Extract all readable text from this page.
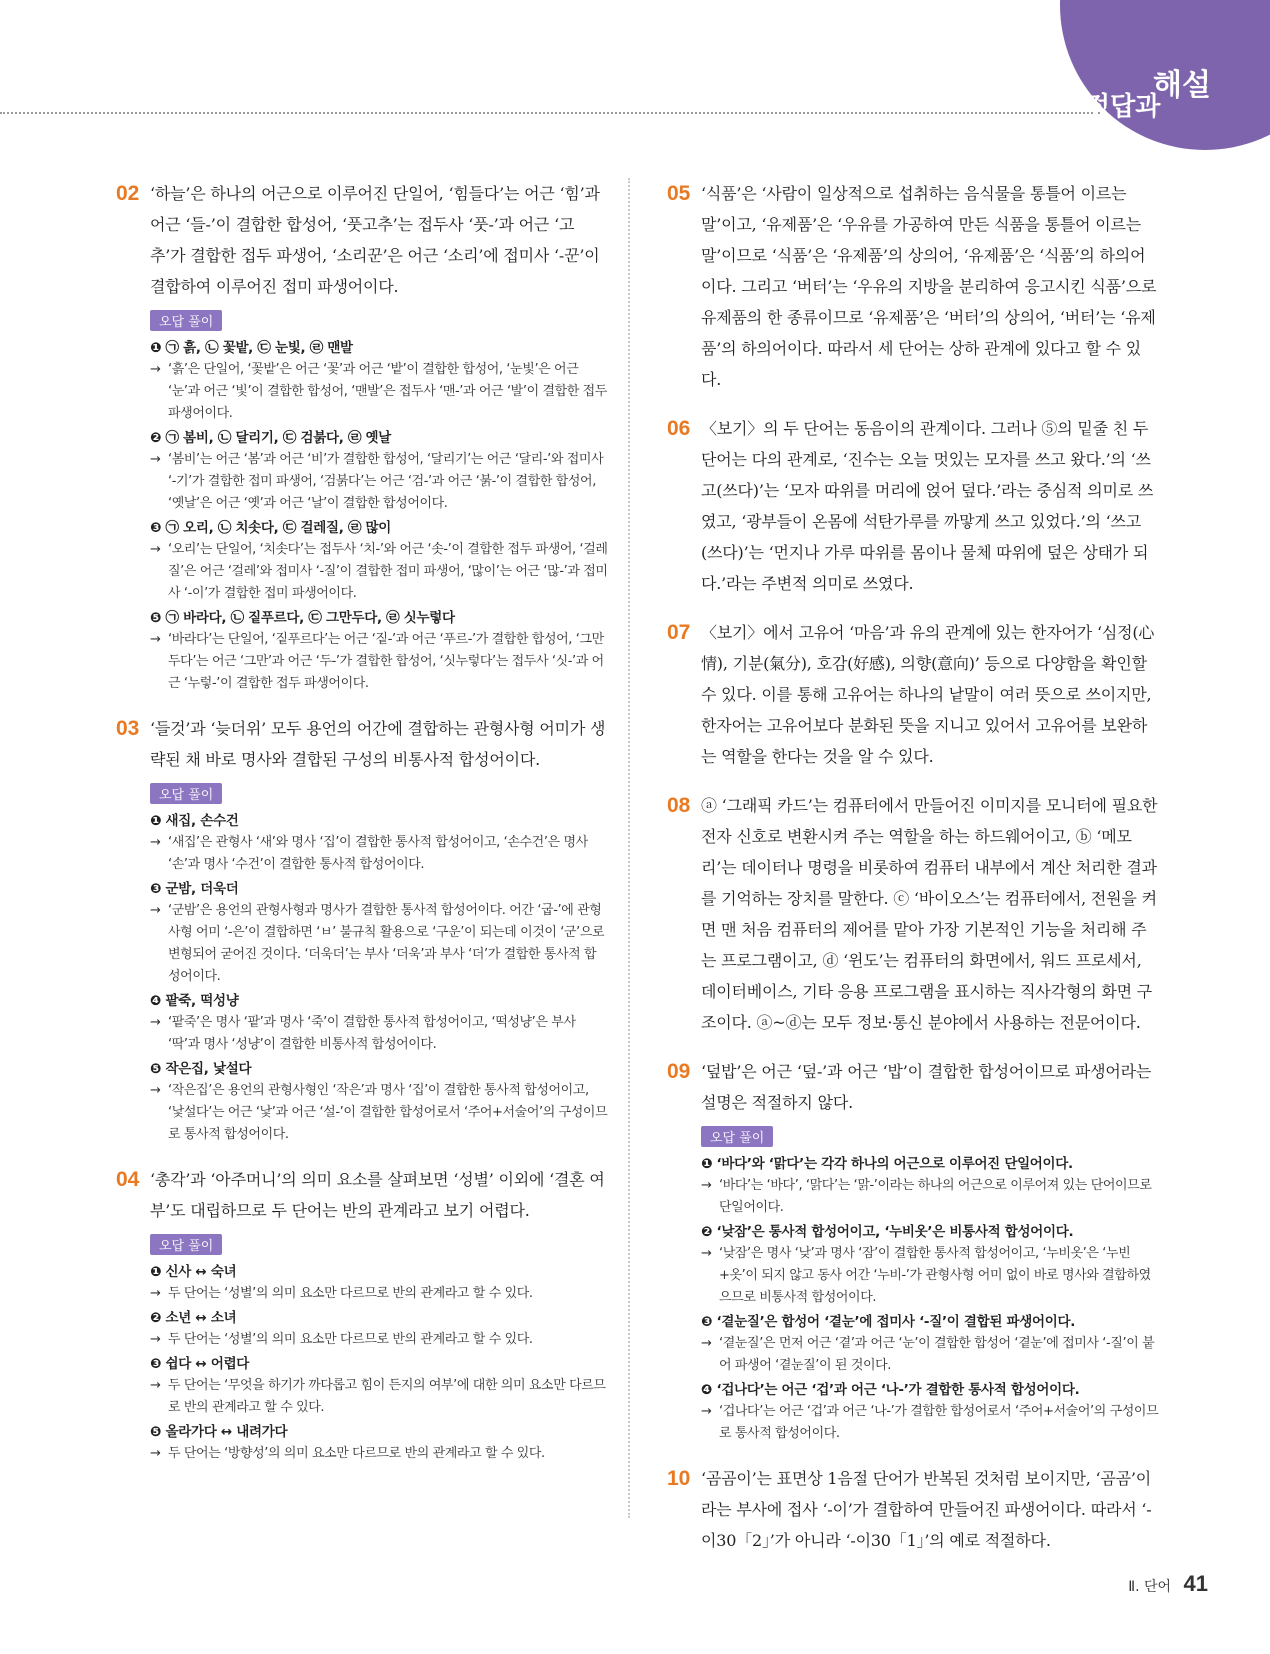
정답과
해설
02 ‘하늘’은 하나의 어근으로 이루어진 단일어, ‘힘들다’는 어근 ‘힘’과 어근 ‘들-’이 결합한 합성어, ‘풋고추’는 접두사 ‘풋-’과 어근 ‘고추’가 결합한 접두 파생어, ‘소리꾼’은 어근 ‘소리’에 접미사 ‘-꾼’이 결합하여 이루어진 접미 파생어이다.
오답 풀이
❶ ㉠ 흙, ㉡ 꽃밭, ㉢ 눈빛, ㉣ 맨발
→ ‘흙’은 단일어, ‘꽃밭’은 어근 ‘꽃’과 어근 ‘밭’이 결합한 합성어, ‘눈빛’은 어근 ‘눈’과 어근 ‘빛’이 결합한 합성어, ‘맨발’은 접두사 ‘맨-’과 어근 ‘발’이 결합한 접두 파생어이다.
❷ ㉠ 봄비, ㉡ 달리기, ㉢ 검붉다, ㉣ 옛날
→ ‘봄비’는 어근 ‘봄’과 어근 ‘비’가 결합한 합성어, ‘달리기’는 어근 ‘달리-’와 접미사 ‘-기’가 결합한 접미 파생어, ‘검붉다’는 어근 ‘검-’과 어근 ‘붉-’이 결합한 합성어, ‘옛날’은 어근 ‘옛’과 어근 ‘날’이 결합한 합성어이다.
❸ ㉠ 오리, ㉡ 치솟다, ㉢ 걸레질, ㉣ 많이
→ ‘오리’는 단일어, ‘치솟다’는 접두사 ‘치-’와 어근 ‘솟-’이 결합한 접두 파생어, ‘걸레질’은 어근 ‘걸레’와 접미사 ‘-질’이 결합한 접미 파생어, ‘많이’는 어근 ‘많-’과 접미사 ‘-이’가 결합한 접미 파생어이다.
❺ ㉠ 바라다, ㉡ 짙푸르다, ㉢ 그만두다, ㉣ 싯누렇다
→ ‘바라다’는 단일어, ‘짙푸르다’는 어근 ‘짙-’과 어근 ‘푸르-’가 결합한 합성어, ‘그만두다’는 어근 ‘그만’과 어근 ‘두-’가 결합한 합성어, ‘싯누렇다’는 접두사 ‘싯-’과 어근 ‘누렇-’이 결합한 접두 파생어이다.
03 ‘들것’과 ‘늦더위’ 모두 용언의 어간에 결합하는 관형사형 어미가 생략된 채 바로 명사와 결합된 구성의 비통사적 합성어이다.
오답 풀이
❶ 새집, 손수건
→ ‘새집’은 관형사 ‘새’와 명사 ‘집’이 결합한 통사적 합성어이고, ‘손수건’은 명사 ‘손’과 명사 ‘수건’이 결합한 통사적 합성어이다.
❸ 군밤, 더욱더
→ ‘군밤’은 용언의 관형사형과 명사가 결합한 통사적 합성어이다. 어간 ‘굽-’에 관형사형 어미 ‘-은’이 결합하면 ‘ㅂ’ 불규칙 활용으로 ‘구운’이 되는데 이것이 ‘군’으로 변형되어 굳어진 것이다. ‘더욱더’는 부사 ‘더욱’과 부사 ‘더’가 결합한 통사적 합성어이다.
❹ 팥죽, 떡성냥
→ ‘팥죽’은 명사 ‘팥’과 명사 ‘죽’이 결합한 통사적 합성어이고, ‘떡성냥’은 부사 ‘딱’과 명사 ‘성냥’이 결합한 비통사적 합성어이다.
❺ 작은집, 낯설다
→ ‘작은집’은 용언의 관형사형인 ‘작은’과 명사 ‘집’이 결합한 통사적 합성어이고, ‘낯설다’는 어근 ‘낯’과 어근 ‘설-’이 결합한 합성어로서 ‘주어+서술어’의 구성이므로 통사적 합성어이다.
04 ‘총각’과 ‘아주머니’의 의미 요소를 살펴보면 ‘성별’ 이외에 ‘결혼 여부’도 대립하므로 두 단어는 반의 관계라고 보기 어렵다.
오답 풀이
❶ 신사 ↔ 숙녀
→ 두 단어는 ‘성별’의 의미 요소만 다르므로 반의 관계라고 할 수 있다.
❷ 소년 ↔ 소녀
→ 두 단어는 ‘성별’의 의미 요소만 다르므로 반의 관계라고 할 수 있다.
❸ 쉽다 ↔ 어렵다
→ 두 단어는 ‘무엇을 하기가 까다롭고 힘이 든지의 여부’에 대한 의미 요소만 다르므로 반의 관계라고 할 수 있다.
❺ 올라가다 ↔ 내려가다
→ 두 단어는 ‘방향성’의 의미 요소만 다르므로 반의 관계라고 할 수 있다.
05 ‘식품’은 ‘사람이 일상적으로 섭취하는 음식물을 통틀어 이르는 말’이고, ‘유제품’은 ‘우유를 가공하여 만든 식품을 통틀어 이르는 말’이므로 ‘식품’은 ‘유제품’의 상의어, ‘유제품’은 ‘식품’의 하의어이다. 그리고 ‘버터’는 ‘우유의 지방을 분리하여 응고시킨 식품’으로 유제품의 한 종류이므로 ‘유제품’은 ‘버터’의 상의어, ‘버터’는 ‘유제품’의 하의어이다. 따라서 세 단어는 상하 관계에 있다고 할 수 있다.
06 〈보기〉의 두 단어는 동음이의 관계이다. 그러나 ⑤의 밑줄 친 두 단어는 다의 관계로, ‘진수는 오늘 멋있는 모자를 쓰고 왔다.’의 ‘쓰고(쓰다)’는 ‘모자 따위를 머리에 얹어 덮다.’라는 중심적 의미로 쓰였고, ‘광부들이 온몸에 석탄가루를 까맣게 쓰고 있었다.’의 ‘쓰고(쓰다)’는 ‘먼지나 가루 따위를 몸이나 물체 따위에 덮은 상태가 되다.’라는 주변적 의미로 쓰였다.
07 〈보기〉에서 고유어 ‘마음’과 유의 관계에 있는 한자어가 ‘심정(心情), 기분(氣分), 호감(好感), 의향(意向)’ 등으로 다양함을 확인할 수 있다. 이를 통해 고유어는 하나의 낱말이 여러 뜻으로 쓰이지만, 한자어는 고유어보다 분화된 뜻을 지니고 있어서 고유어를 보완하는 역할을 한다는 것을 알 수 있다.
08 ⓐ ‘그래픽 카드’는 컴퓨터에서 만들어진 이미지를 모니터에 필요한 전자 신호로 변환시켜 주는 역할을 하는 하드웨어이고, ⓑ ‘메모리’는 데이터나 명령을 비롯하여 컴퓨터 내부에서 계산 처리한 결과를 기억하는 장치를 말한다. ⓒ ‘바이오스’는 컴퓨터에서, 전원을 켜면 맨 처음 컴퓨터의 제어를 맡아 가장 기본적인 기능을 처리해 주는 프로그램이고, ⓓ ‘윈도’는 컴퓨터의 화면에서, 워드 프로세서, 데이터베이스, 기타 응용 프로그램을 표시하는 직사각형의 화면 구조이다. ⓐ~ⓓ는 모두 정보·통신 분야에서 사용하는 전문어이다.
09 ‘덮밥’은 어근 ‘덮-’과 어근 ‘밥’이 결합한 합성어이므로 파생어라는 설명은 적절하지 않다.
오답 풀이
❶ ‘바다’와 ‘맑다’는 각각 하나의 어근으로 이루어진 단일어이다.
→ ‘바다’는 ‘바다’, ‘맑다’는 ‘맑-’이라는 하나의 어근으로 이루어져 있는 단어이므로 단일어이다.
❷ ‘낮잠’은 통사적 합성어이고, ‘누비옷’은 비통사적 합성어이다.
→ ‘낮잠’은 명사 ‘낮’과 명사 ‘잠’이 결합한 통사적 합성어이고, ‘누비옷’은 ‘누빈+옷’이 되지 않고 동사 어간 ‘누비-’가 관형사형 어미 없이 바로 명사와 결합하였으므로 비통사적 합성어이다.
❸ ‘곁눈질’은 합성어 ‘곁눈’에 접미사 ‘-질’이 결합된 파생어이다.
→ ‘곁눈질’은 먼저 어근 ‘곁’과 어근 ‘눈’이 결합한 합성어 ‘곁눈’에 접미사 ‘-질’이 붙어 파생어 ‘곁눈질’이 된 것이다.
❹ ‘겁나다’는 어근 ‘겁’과 어근 ‘나-’가 결합한 통사적 합성어이다.
→ ‘겁나다’는 어근 ‘겁’과 어근 ‘나-’가 결합한 합성어로서 ‘주어+서술어’의 구성이므로 통사적 합성어이다.
10 ‘곰곰이’는 표면상 1음절 단어가 반복된 것처럼 보이지만, ‘곰곰’이라는 부사에 접사 ‘-이’가 결합하여 만들어진 파생어이다. 따라서 ‘-이30「2」’가 아니라 ‘-이30「1」’의 예로 적절하다.
Ⅱ. 단어 41
